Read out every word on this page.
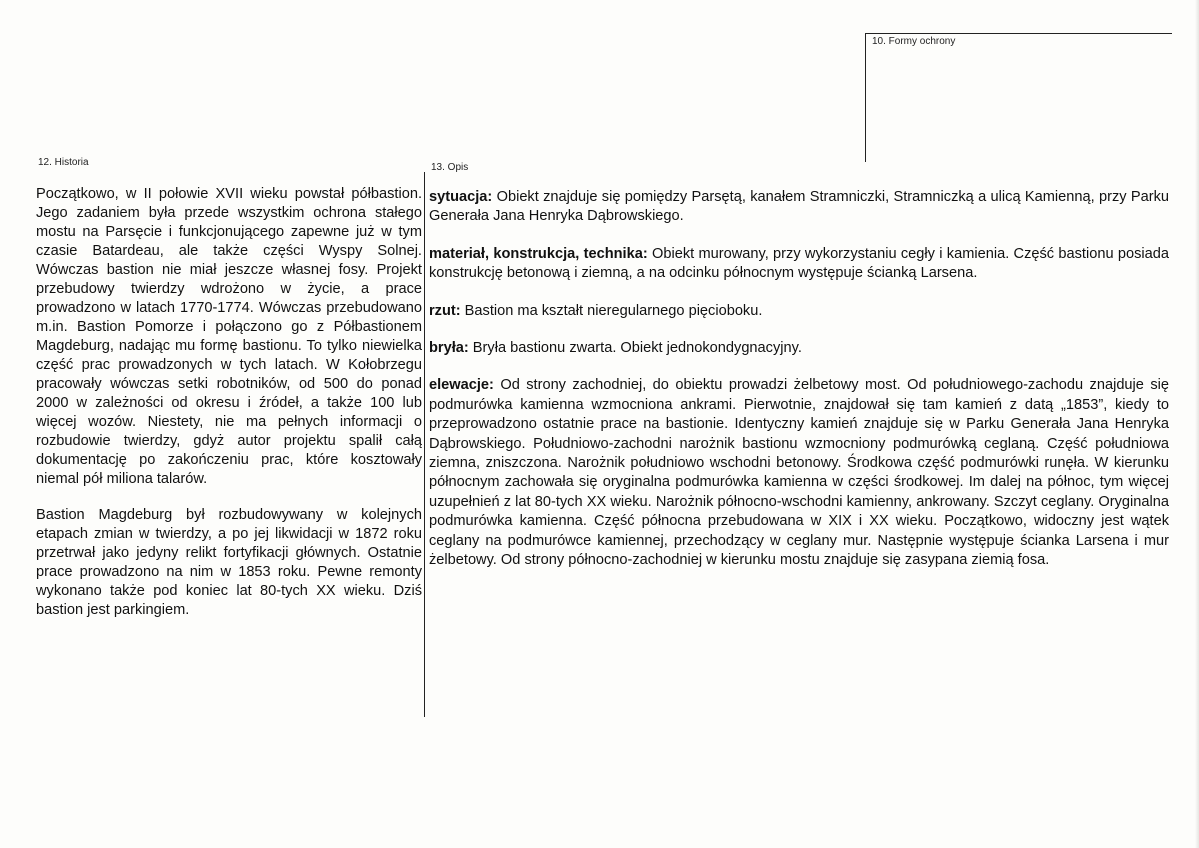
10. Formy ochrony
12. Historia	13. Opis

Początkowo, w II połowie XVII wieku powstał półbastion. Jego zadaniem była przede wszystkim ochrona stałego mostu na Parsęcie i funkcjonującego zapewne już w tym czasie Batardeau, ale także części Wyspy Solnej. Wówczas bastion nie miał jeszcze własnej fosy. Projekt przebudowy twierdzy wdrożono w życie, a prace prowadzono w latach 1770-1774. Wówczas przebudowano m.in. Bastion Pomorze i połączono go z Półbastionem Magdeburg, nadając mu formę bastionu. To tylko niewielka część prac prowadzonych w tych latach. W Kołobrzegu pracowały wówczas setki robotników, od 500 do ponad 2000 w zależności od okresu i źródeł, a także 100 lub więcej wozów. Niestety, nie ma pełnych informacji o rozbudowie twierdzy, gdyż autor projektu spalił całą dokumentację po zakończeniu prac, które kosztowały niemal pół miliona talarów.

Bastion Magdeburg był rozbudowywany w kolejnych etapach zmian w twierdzy, a po jej likwidacji w 1872 roku przetrwał jako jedyny relikt fortyfikacji głównych. Ostatnie prace prowadzono na nim w 1853 roku. Pewne remonty wykonano także pod koniec lat 80-tych XX wieku. Dziś bastion jest parkingiem.

sytuacja: Obiekt znajduje się pomiędzy Parsętą, kanałem Stramniczki, Stramniczką a ulicą Kamienną, przy Parku Generała Jana Henryka Dąbrowskiego.

materiał, konstrukcja, technika: Obiekt murowany, przy wykorzystaniu cegły i kamienia. Część bastionu posiada konstrukcję betonową i ziemną, a na odcinku północnym występuje ścianką Larsena.

rzut: Bastion ma kształt nieregularnego pięcioboku.

bryła: Bryła bastionu zwarta. Obiekt jednokondygnacyjny.

elewacje: Od strony zachodniej, do obiektu prowadzi żelbetowy most. Od południowego-zachodu znajduje się podmurówka kamienna wzmocniona ankrami. Pierwotnie, znajdował się tam kamień z datą „1853”, kiedy to przeprowadzono ostatnie prace na bastionie. Identyczny kamień znajduje się w Parku Generała Jana Henryka Dąbrowskiego. Południowo-zachodni narożnik bastionu wzmocniony podmurówką ceglaną. Część południowa ziemna, zniszczona. Narożnik południowo wschodni betonowy. Środkowa część podmurówki runęła. W kierunku północnym zachowała się oryginalna podmurówka kamienna w części środkowej. Im dalej na północ, tym więcej uzupełnień z lat 80-tych XX wieku. Narożnik północno-wschodni kamienny, ankrowany. Szczyt ceglany. Oryginalna podmurówka kamienna. Część północna przebudowana w XIX i XX wieku. Początkowo, widoczny jest wątek ceglany na podmurówce kamiennej, przechodzący w ceglany mur. Następnie występuje ścianka Larsena i mur żelbetowy. Od strony północno-zachodniej w kierunku mostu znajduje się zasypana ziemią fosa.
